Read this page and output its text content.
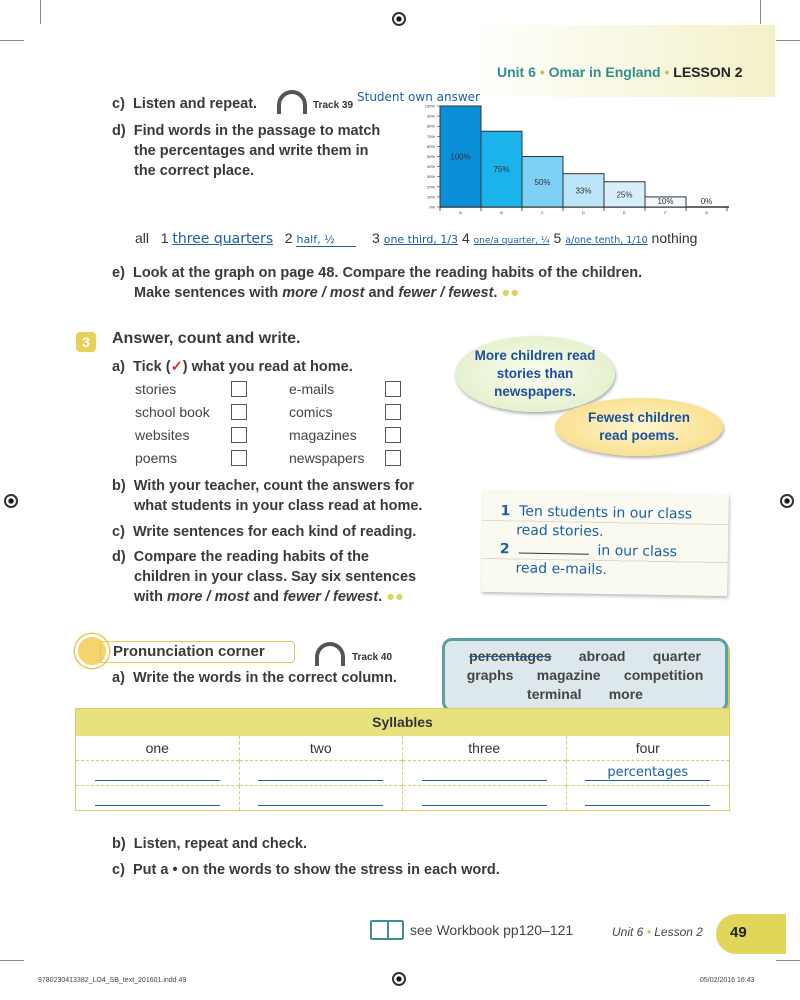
Unit 6 • Omar in England • LESSON 2
c) Listen and repeat.	Track 39
Student own answer
d) Find words in the passage to match
the percentages and write them in
the correct place.
0%
10%
20%
30%
40%
50%
60%
70%
80%
90%
100%
A
100%
B
75%
C
50%
D
33%
E
25%
F
10%
G
0%
all 1 three quarters 2 half, ½	3 one third, 1/3 4 one/a quarter, ¼ 5 a/one tenth, 1/10 nothing
e) Look at the graph on page 48. Compare the reading habits of the children.
Make sentences with more / most and fewer / fewest. ●●
3	Answer, count and write.
a) Tick (✓) what you read at home.
stories	e-mails
school book	comics
websites	magazines
poems	newspapers
b) With your teacher, count the answers for
what students in your class read at home.
c) Write sentences for each kind of reading.
d) Compare the reading habits of the
children in your class. Say six sentences
with more / most and fewer / fewest. ●●
More children read stories than newspapers.
Fewest children read poems.
1 Ten students in our class
read stories.
2	in our class
read e-mails.
Pronunciation corner	Track 40
a) Write the words in the correct column.
percentages abroad quarter
graphs magazine competition
terminal more
Syllables			
one	two	three	four
			percentages

b) Listen, repeat and check.
c) Put a • on the words to show the stress in each word.
see Workbook pp120–121	Unit 6 • Lesson 2	49
9780230413382_LO4_SB_text_201601.indd 49	05/02/2016 16:43
